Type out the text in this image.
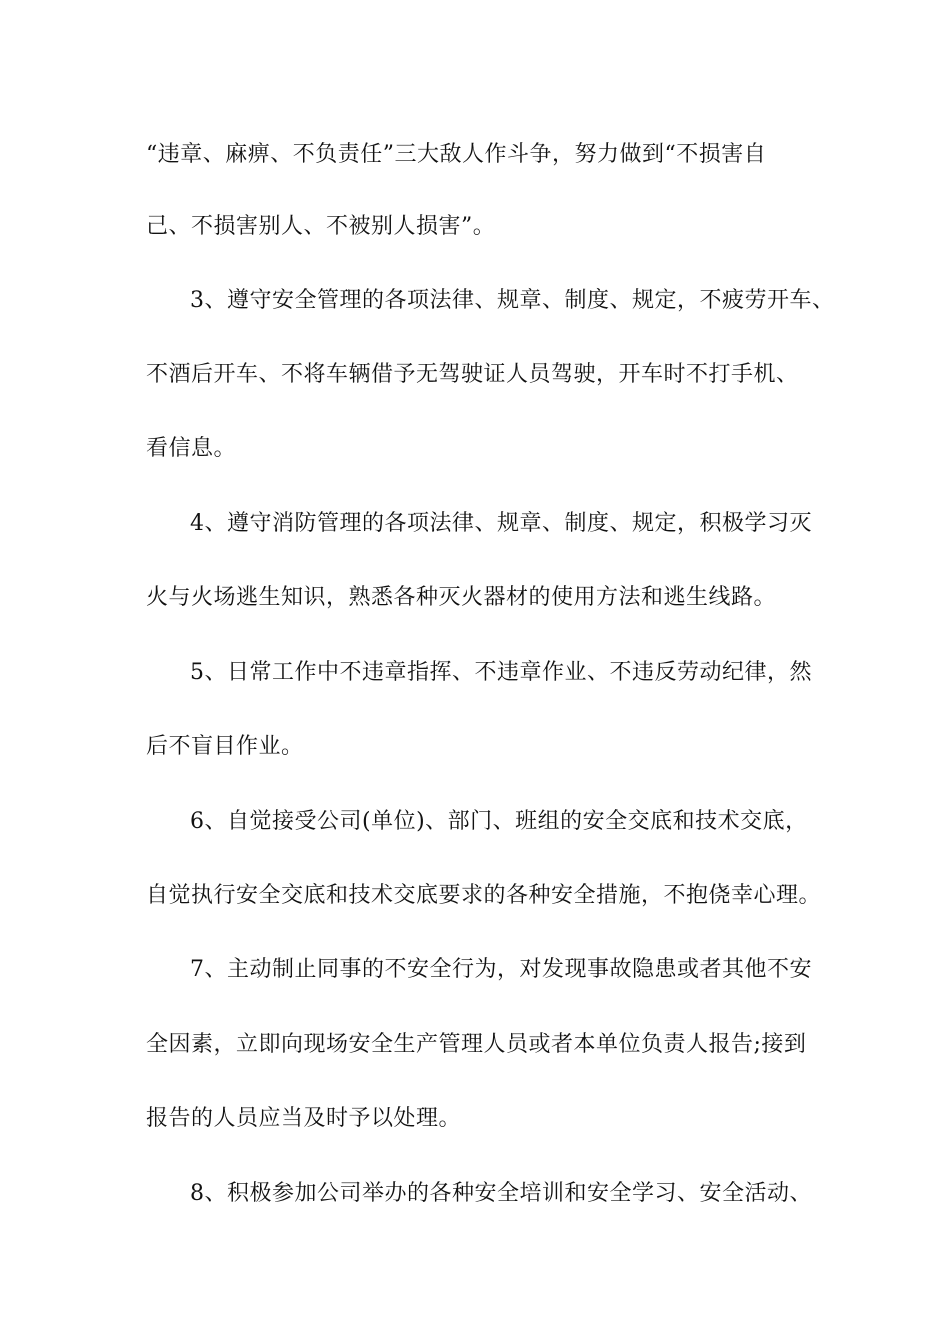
“违章、麻痹、不负责任”三大敌人作斗争，努力做到“不损害自
己、不损害别人、不被别人损害”。
3、遵守安全管理的各项法律、规章、制度、规定，不疲劳开车、
不酒后开车、不将车辆借予无驾驶证人员驾驶，开车时不打手机、
看信息。
4、遵守消防管理的各项法律、规章、制度、规定，积极学习灭
火与火场逃生知识，熟悉各种灭火器材的使用方法和逃生线路。
5、日常工作中不违章指挥、不违章作业、不违反劳动纪律，然
后不盲目作业。
6、自觉接受公司(单位)、部门、班组的安全交底和技术交底，
自觉执行安全交底和技术交底要求的各种安全措施，不抱侥幸心理。
7、主动制止同事的不安全行为，对发现事故隐患或者其他不安
全因素，立即向现场安全生产管理人员或者本单位负责人报告;接到
报告的人员应当及时予以处理。
8、积极参加公司举办的各种安全培训和安全学习、安全活动、
